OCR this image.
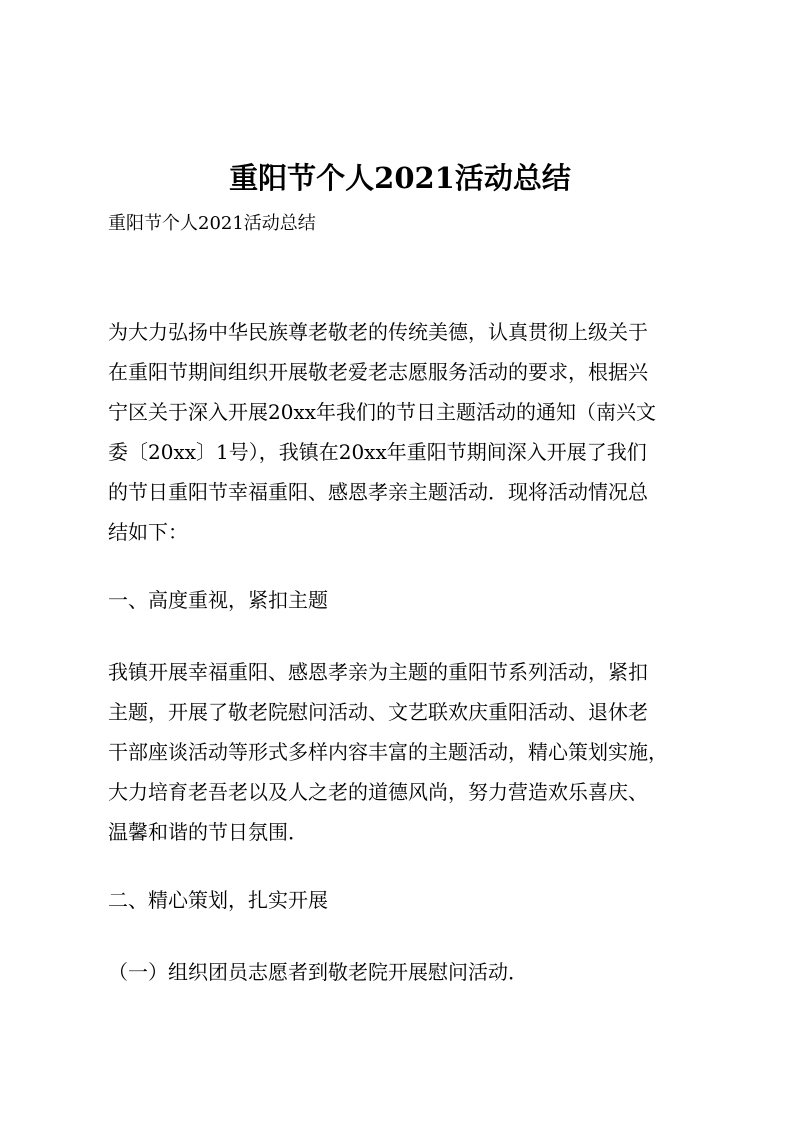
重阳节个人2021活动总结
重阳节个人2021活动总结
为大力弘扬中华民族尊老敬老的传统美德，认真贯彻上级关于
在重阳节期间组织开展敬老爱老志愿服务活动的要求，根据兴
宁区关于深入开展20xx年我们的节日主题活动的通知（南兴文
委〔20xx〕1号），我镇在20xx年重阳节期间深入开展了我们
的节日重阳节幸福重阳、感恩孝亲主题活动．现将活动情况总
结如下：
一、高度重视，紧扣主题
我镇开展幸福重阳、感恩孝亲为主题的重阳节系列活动，紧扣
主题，开展了敬老院慰问活动、文艺联欢庆重阳活动、退休老
干部座谈活动等形式多样内容丰富的主题活动，精心策划实施，
大力培育老吾老以及人之老的道德风尚，努力营造欢乐喜庆、
温馨和谐的节日氛围．
二、精心策划，扎实开展
（一）组织团员志愿者到敬老院开展慰问活动．
